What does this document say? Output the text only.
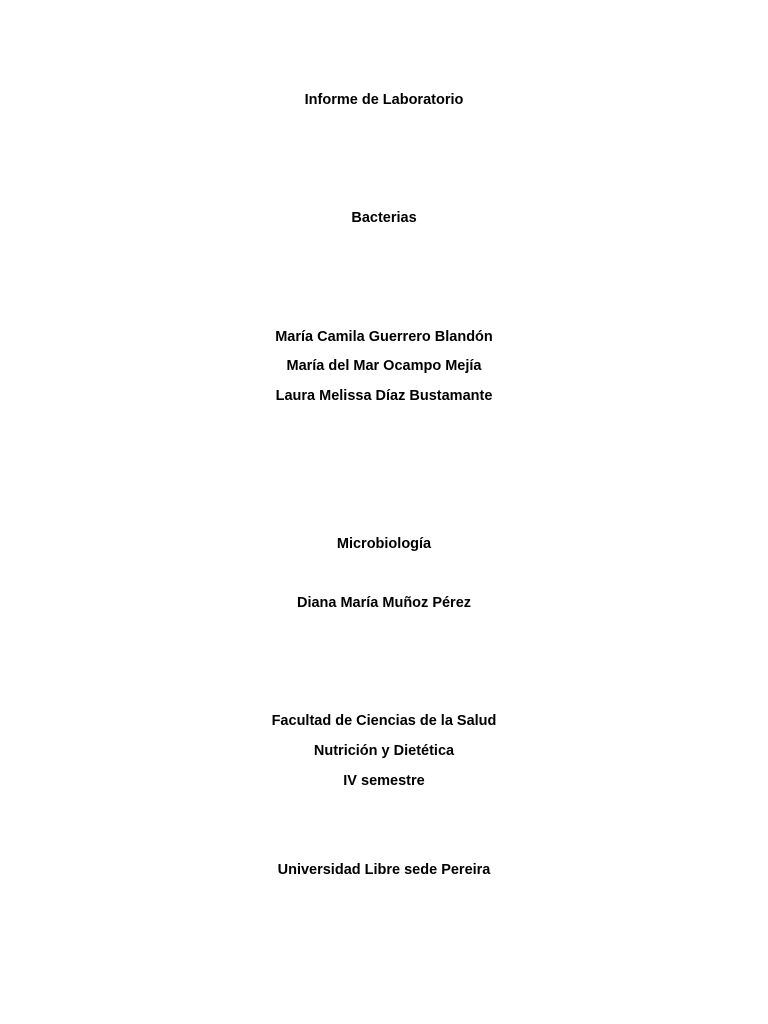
Informe de Laboratorio
Bacterias
María Camila Guerrero Blandón
María del Mar Ocampo Mejía
Laura Melissa Díaz Bustamante
Microbiología
Diana María Muñoz Pérez
Facultad de Ciencias de la Salud
Nutrición y Dietética
IV semestre
Universidad Libre sede Pereira
